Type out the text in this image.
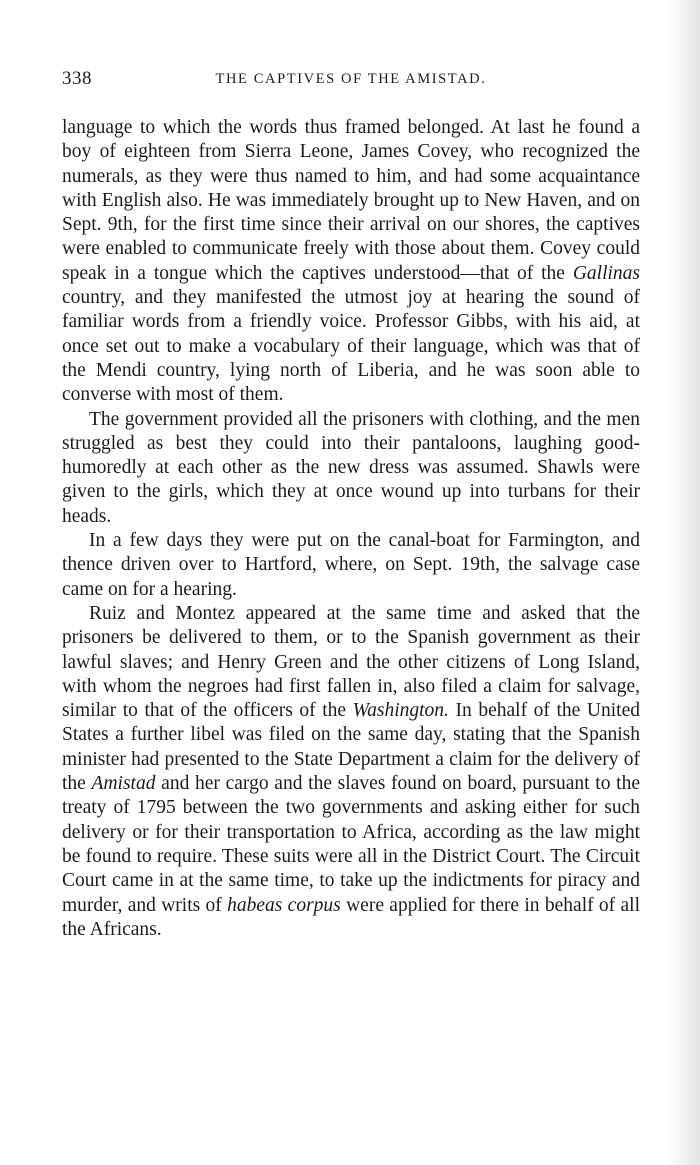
338	THE CAPTIVES OF THE AMISTAD.

language to which the words thus framed belonged. At last he found a boy of eighteen from Sierra Leone, James Covey, who recognized the numerals, as they were thus named to him, and had some acquaintance with English also. He was immediately brought up to New Haven, and on Sept. 9th, for the first time since their arrival on our shores, the captives were enabled to communicate freely with those about them. Covey could speak in a tongue which the captives understood—that of the Gallinas country, and they manifested the utmost joy at hearing the sound of familiar words from a friendly voice. Professor Gibbs, with his aid, at once set out to make a vocabulary of their language, which was that of the Mendi country, lying north of Liberia, and he was soon able to converse with most of them.

The government provided all the prisoners with clothing, and the men struggled as best they could into their pantaloons, laughing good-humoredly at each other as the new dress was assumed. Shawls were given to the girls, which they at once wound up into turbans for their heads.

In a few days they were put on the canal-boat for Farmington, and thence driven over to Hartford, where, on Sept. 19th, the salvage case came on for a hearing.

Ruiz and Montez appeared at the same time and asked that the prisoners be delivered to them, or to the Spanish government as their lawful slaves; and Henry Green and the other citizens of Long Island, with whom the negroes had first fallen in, also filed a claim for salvage, similar to that of the officers of the Washington. In behalf of the United States a further libel was filed on the same day, stating that the Spanish minister had presented to the State Department a claim for the delivery of the Amistad and her cargo and the slaves found on board, pursuant to the treaty of 1795 between the two governments and asking either for such delivery or for their transportation to Africa, according as the law might be found to require. These suits were all in the District Court. The Circuit Court came in at the same time, to take up the indictments for piracy and murder, and writs of habeas corpus were applied for there in behalf of all the Africans.
